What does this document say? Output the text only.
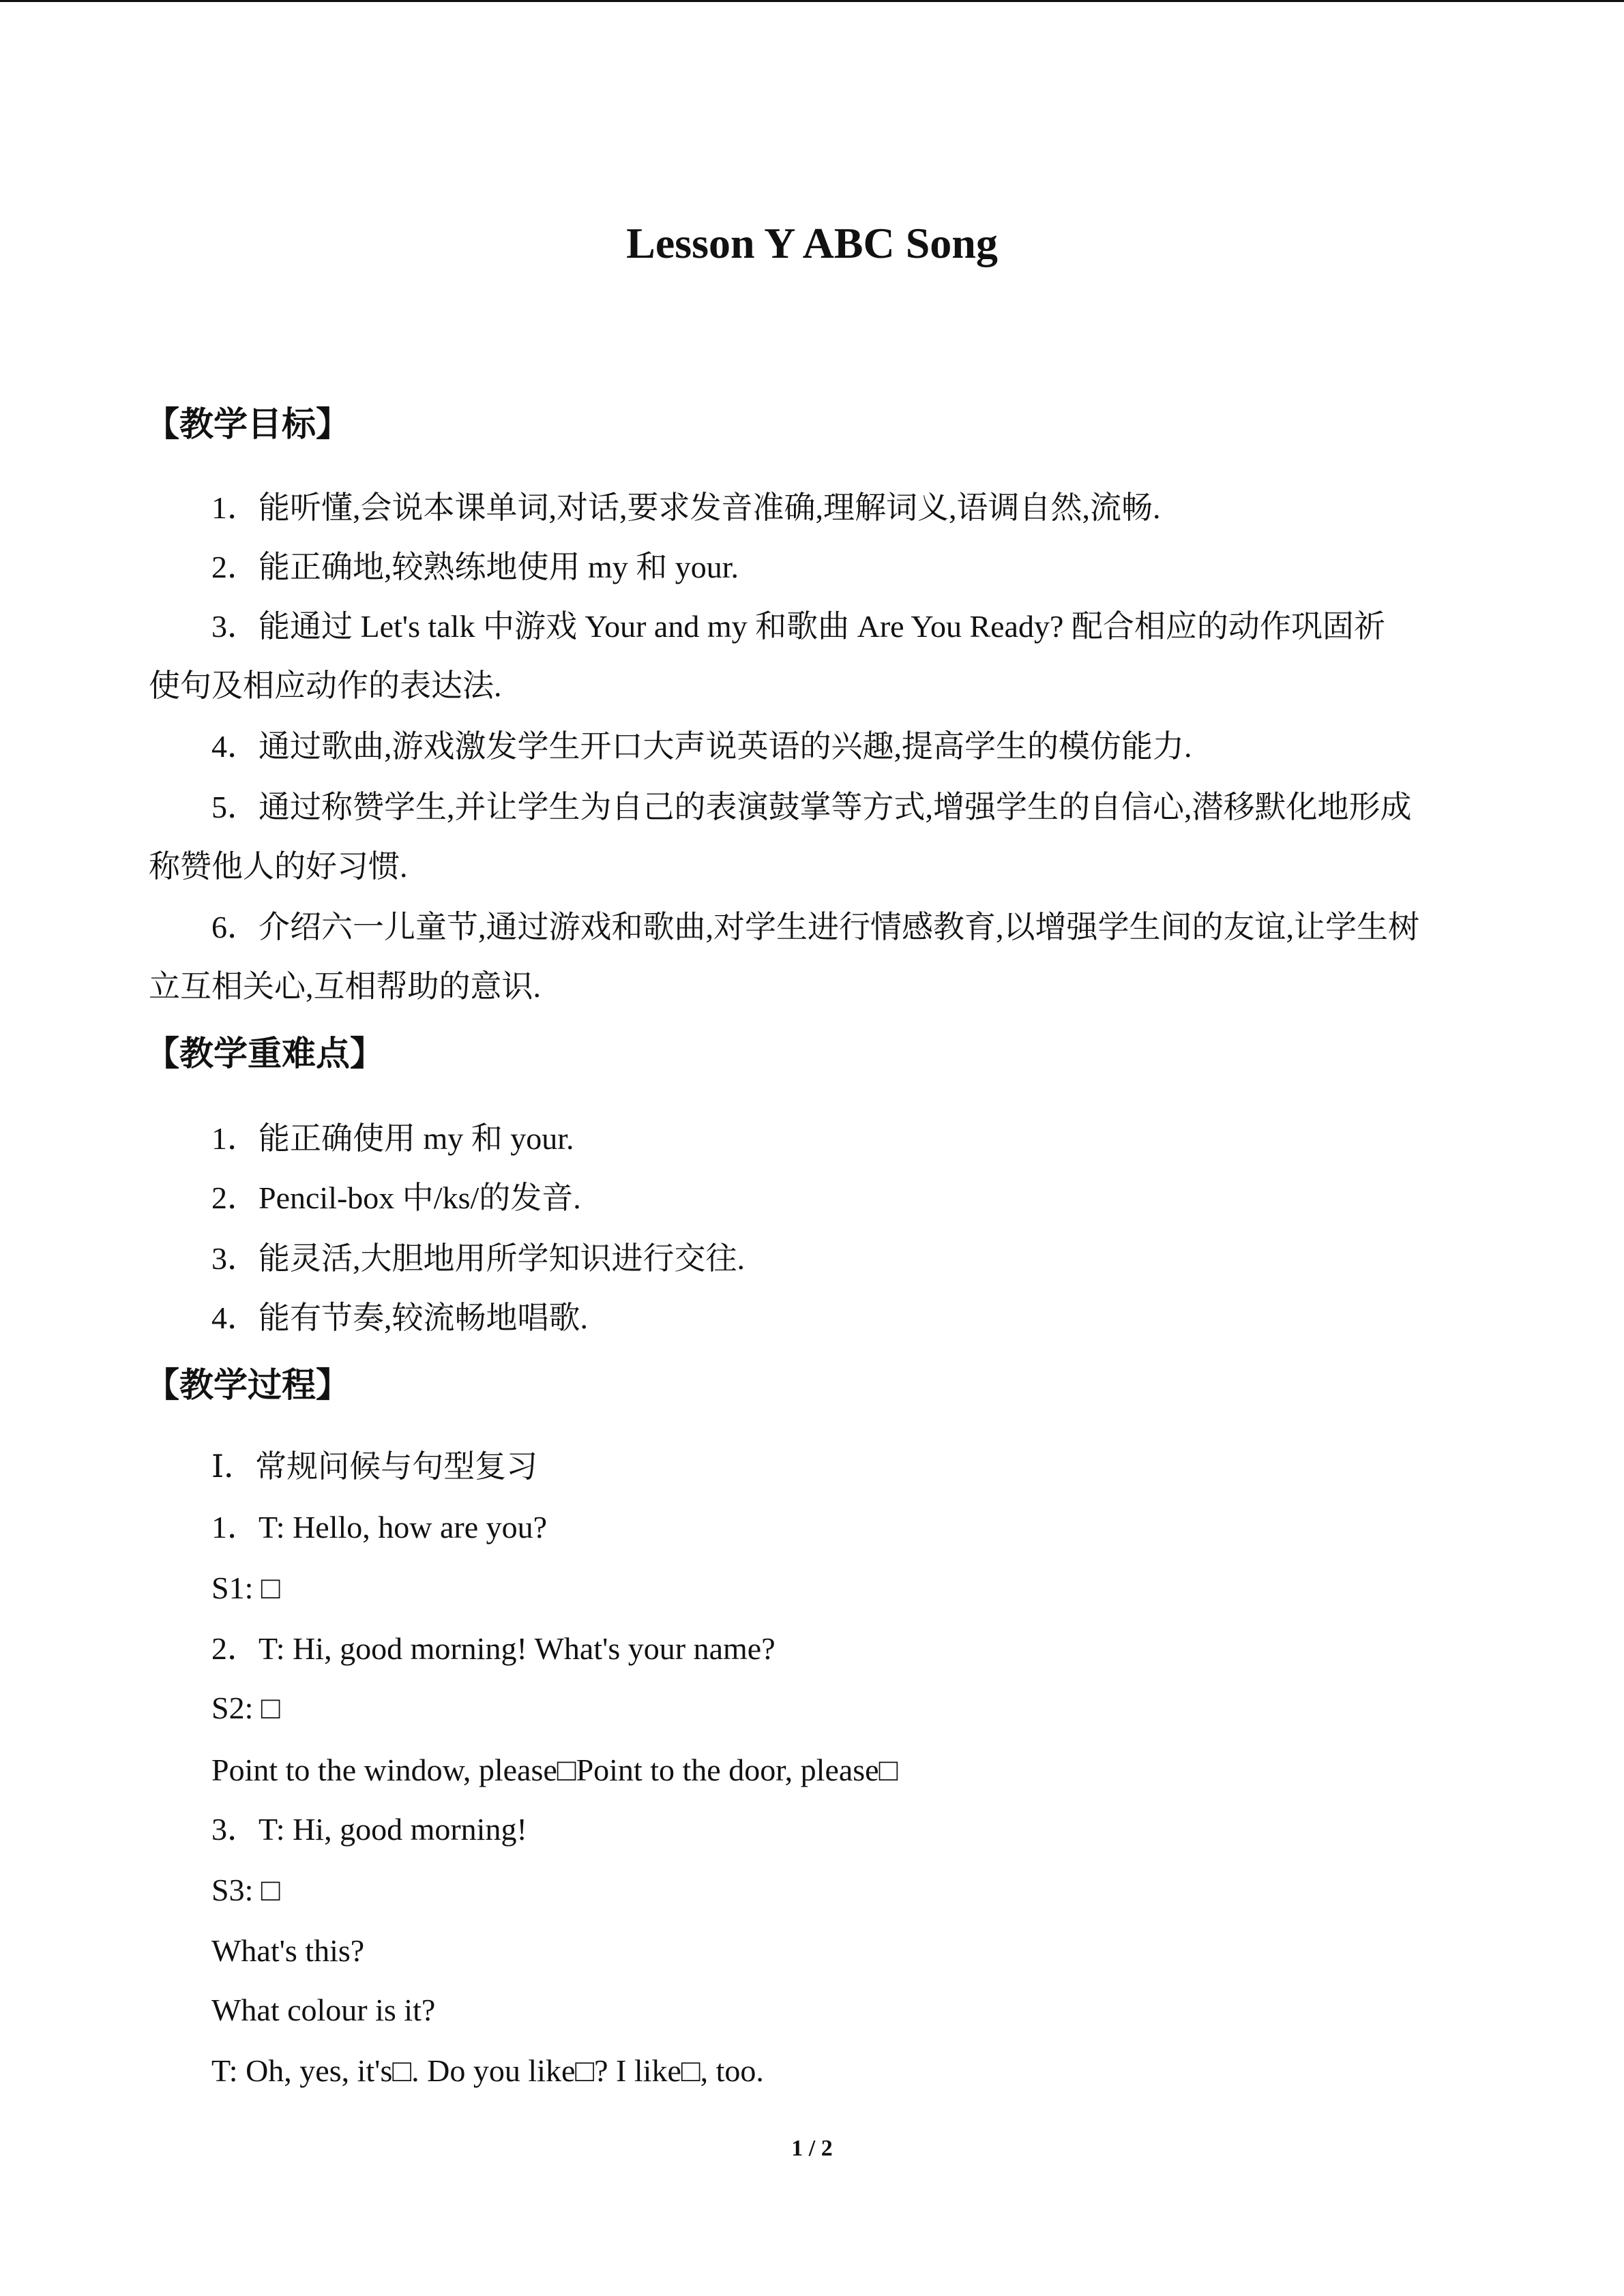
Lesson Y ABC Song
【教学目标】
1．能听懂,会说本课单词,对话,要求发音准确,理解词义,语调自然,流畅.
2．能正确地,较熟练地使用 my 和 your.
3．能通过 Let's talk 中游戏 Your and my 和歌曲 Are You Ready? 配合相应的动作巩固祈
使句及相应动作的表达法.
4．通过歌曲,游戏激发学生开口大声说英语的兴趣,提高学生的模仿能力.
5．通过称赞学生,并让学生为自己的表演鼓掌等方式,增强学生的自信心,潜移默化地形成
称赞他人的好习惯.
6．介绍六一儿童节,通过游戏和歌曲,对学生进行情感教育,以增强学生间的友谊,让学生树
立互相关心,互相帮助的意识.
【教学重难点】
1．能正确使用 my 和 your.
2．Pencil-box 中/ks/的发音.
3．能灵活,大胆地用所学知识进行交往.
4．能有节奏,较流畅地唱歌.
【教学过程】
Ⅰ．常规问候与句型复习
1．T: Hello, how are you?
S1: □
2．T: Hi, good morning! What's your name?
S2: □
Point to the window, please□Point to the door, please□
3．T: Hi, good morning!
S3: □
What's this?
What colour is it?
T: Oh, yes, it's□. Do you like□? I like□, too.
1 / 2
